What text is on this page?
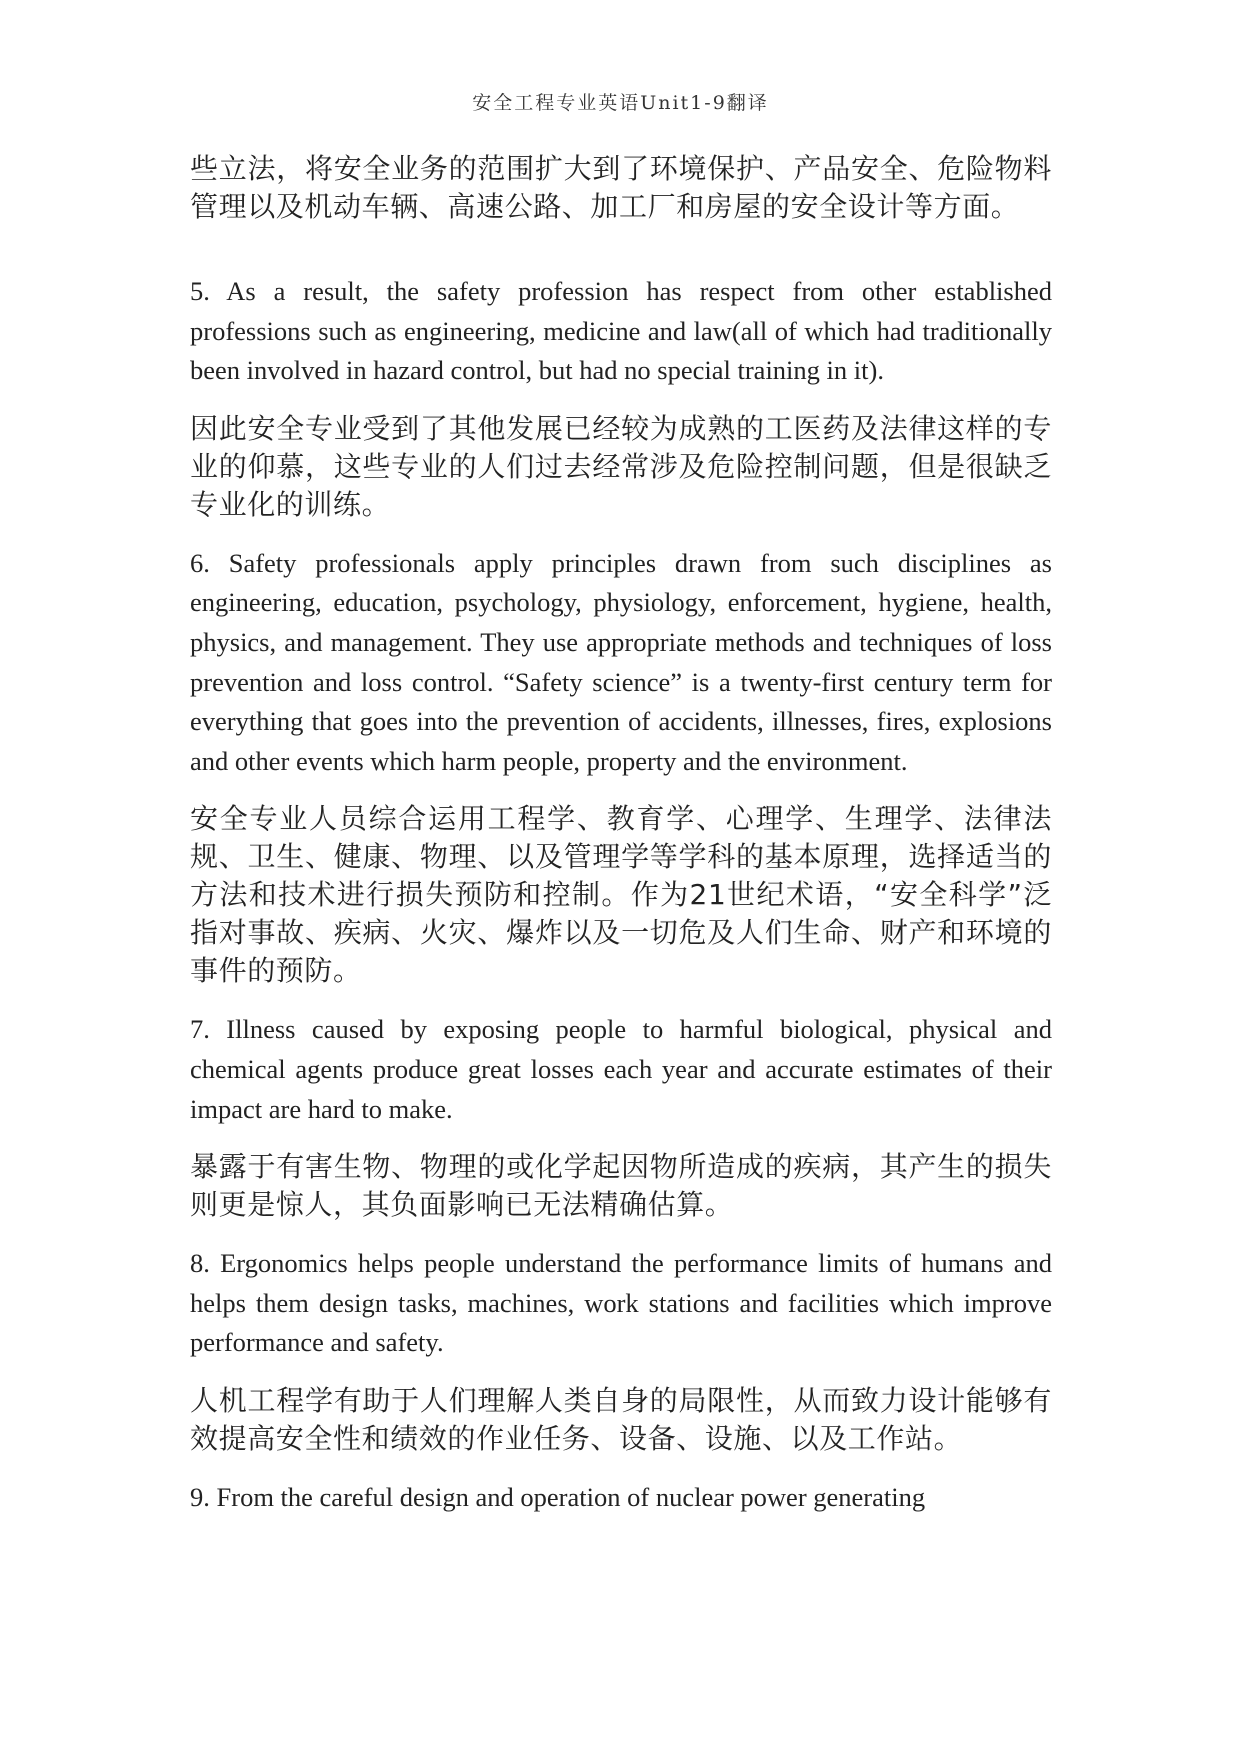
安全工程专业英语Unit1-9翻译

些立法，将安全业务的范围扩大到了环境保护、产品安全、危险物料管理以及机动车辆、高速公路、加工厂和房屋的安全设计等方面。

5. As a result, the safety profession has respect from other established professions such as engineering, medicine and law(all of which had traditionally been involved in hazard control, but had no special training in it).

因此安全专业受到了其他发展已经较为成熟的工医药及法律这样的专业的仰慕，这些专业的人们过去经常涉及危险控制问题，但是很缺乏专业化的训练。

6. Safety professionals apply principles drawn from such disciplines as engineering, education, psychology, physiology, enforcement, hygiene, health, physics, and management. They use appropriate methods and techniques of loss prevention and loss control. “Safety science” is a twenty-first century term for everything that goes into the prevention of accidents, illnesses, fires, explosions and other events which harm people, property and the environment.

安全专业人员综合运用工程学、教育学、心理学、生理学、法律法规、卫生、健康、物理、以及管理学等学科的基本原理，选择适当的方法和技术进行损失预防和控制。作为21世纪术语，“安全科学”泛指对事故、疾病、火灾、爆炸以及一切危及人们生命、财产和环境的事件的预防。

7. Illness caused by exposing people to harmful biological, physical and chemical agents produce great losses each year and accurate estimates of their impact are hard to make.

暴露于有害生物、物理的或化学起因物所造成的疾病，其产生的损失则更是惊人，其负面影响已无法精确估算。

8. Ergonomics helps people understand the performance limits of humans and helps them design tasks, machines, work stations and facilities which improve performance and safety.

人机工程学有助于人们理解人类自身的局限性，从而致力设计能够有效提高安全性和绩效的作业任务、设备、设施、以及工作站。

9. From the careful design and operation of nuclear power generating
